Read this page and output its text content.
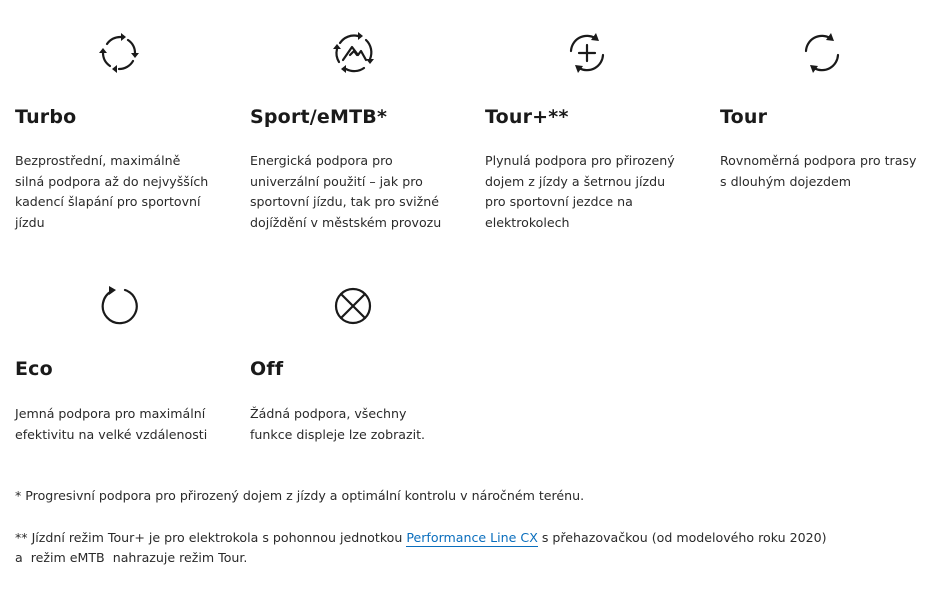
Turbo
Bezprostřední, maximálně
silná podpora až do nejvyšších
kadencí šlapání pro sportovní
jízdu
Sport/eMTB*
Energická podpora pro
univerzální použití – jak pro
sportovní jízdu, tak pro svižné
dojíždění v městském provozu
Tour+**
Plynulá podpora pro přirozený
dojem z jízdy a šetrnou jízdu
pro sportovní jezdce na
elektrokolech
Tour
Rovnoměrná podpora pro trasy
s dlouhým dojezdem
Eco
Jemná podpora pro maximální
efektivitu na velké vzdálenosti
Off
Žádná podpora, všechny
funkce displeje lze zobrazit.
* Progresivní podpora pro přirozený dojem z jízdy a optimální kontrolu v náročném terénu.
** Jízdní režim Tour+ je pro elektrokola s pohonnou jednotkou Performance Line CX s přehazovačkou (od modelového roku 2020)
a  režim eMTB  nahrazuje režim Tour.
